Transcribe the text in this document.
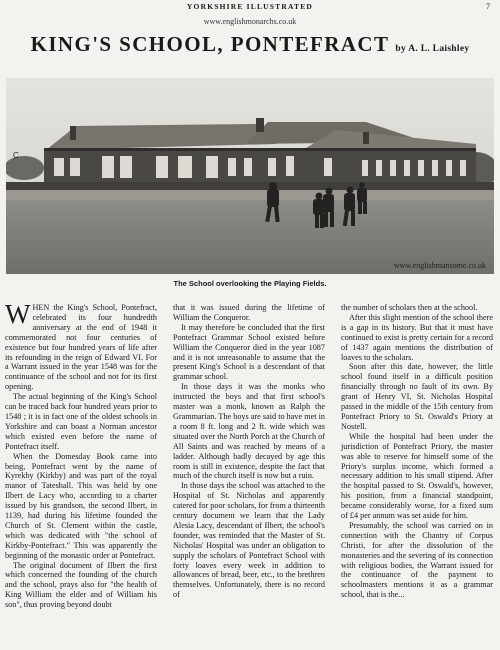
YORKSHIRE ILLUSTRATED	7
www.englishmonarchs.co.uk
KING'S SCHOOL, PONTEFRACT by A. L. Laishley
C
www.englishmansome.co.uk
The School overlooking the Playing Fields.

WHEN the King's School, Pontefract, celebrated its four hundredth anniversary at the end of 1948 it commemorated not four centuries of existence but four hundred years of life after its refounding in the reign of Edward VI. For a Warrant issued in the year 1548 was for the continuance of the school and not for its first opening.

The actual beginning of the King's School can be traced back four hundred years prior to 1548 ; it is in fact one of the oldest schools in Yorkshire and can boast a Norman ancestor which existed even before the name of Pontefract itself.

When the Domesday Book came into being, Pontefract went by the name of Kyrekby (Kirkby) and was part of the royal manor of Tateshall. This was held by one Ilbert de Lacy who, according to a charter issued by his grandson, the second Ilbert, in 1139, had during his lifetime founded the Church of St. Clement within the castle, which was dedicated with "the school of Kirkby-Pontefract." This was apparently the beginning of the monastic order at Pontefract.

The original document of Ilbert the first which concerned the founding of the church and the school, prays also for "the health of King William the elder and of William his son", thus proving beyond doubt

that it was issued during the lifetime of William the Conqueror.

It may therefore be concluded that the first Pontefract Grammar School existed before William the Conqueror died in the year 1087 and it is not unreasonable to assume that the present King's School is a descendant of that grammar school.

In those days it was the monks who instructed the boys and that first school's master was a monk, known as Ralph the Grammarian. The boys are said to have met in a room 8 ft. long and 2 ft. wide which was situated over the North Porch at the Church of All Saints and was reached by means of a ladder. Although badly decayed by age this room is still in existence, despite the fact that much of the church itself is now but a ruin.

In those days the school was attached to the Hospital of St. Nicholas and apparently catered for poor scholars, for from a thirteenth century document we learn that the Lady Alesia Lacy, descendant of Ilbert, the school's founder, was reminded that the Master of St. Nicholas' Hospital was under an obligation to supply the scholars of Pontefract School with forty loaves every week in addition to allowances of bread, beer, etc., to the brethren themselves. Unfortunately, there is no record of

the number of scholars then at the school.

After this slight mention of the school there is a gap in its history. But that it must have continued to exist is pretty certain for a record of 1437 again mentions the distribution of loaves to the scholars.

Soon after this date, however, the little school found itself in a difficult position financially through no fault of its own. By grant of Henry VI, St. Nicholas Hospital passed in the middle of the 15th century from Pontefract Priory to St. Oswald's Priory at Nostell.

While the hospital had been under the jurisdiction of Pontefract Priory, the master was able to reserve for himself some of the Priory's surplus income, which formed a necessary addition to his small stipend. After the hospital passed to St. Oswald's, however, his position, from a financial standpoint, became considerably worse, for a fixed sum of £4 per annum was set aside for him.

Presumably, the school was carried on in connection with the Chantry of Corpus Christi, for after the dissolution of the monasteries and the severing of its connection with religious bodies, the Warrant issued for the continuance of the payment to schoolmasters mentions it as a grammar school, that is the...
